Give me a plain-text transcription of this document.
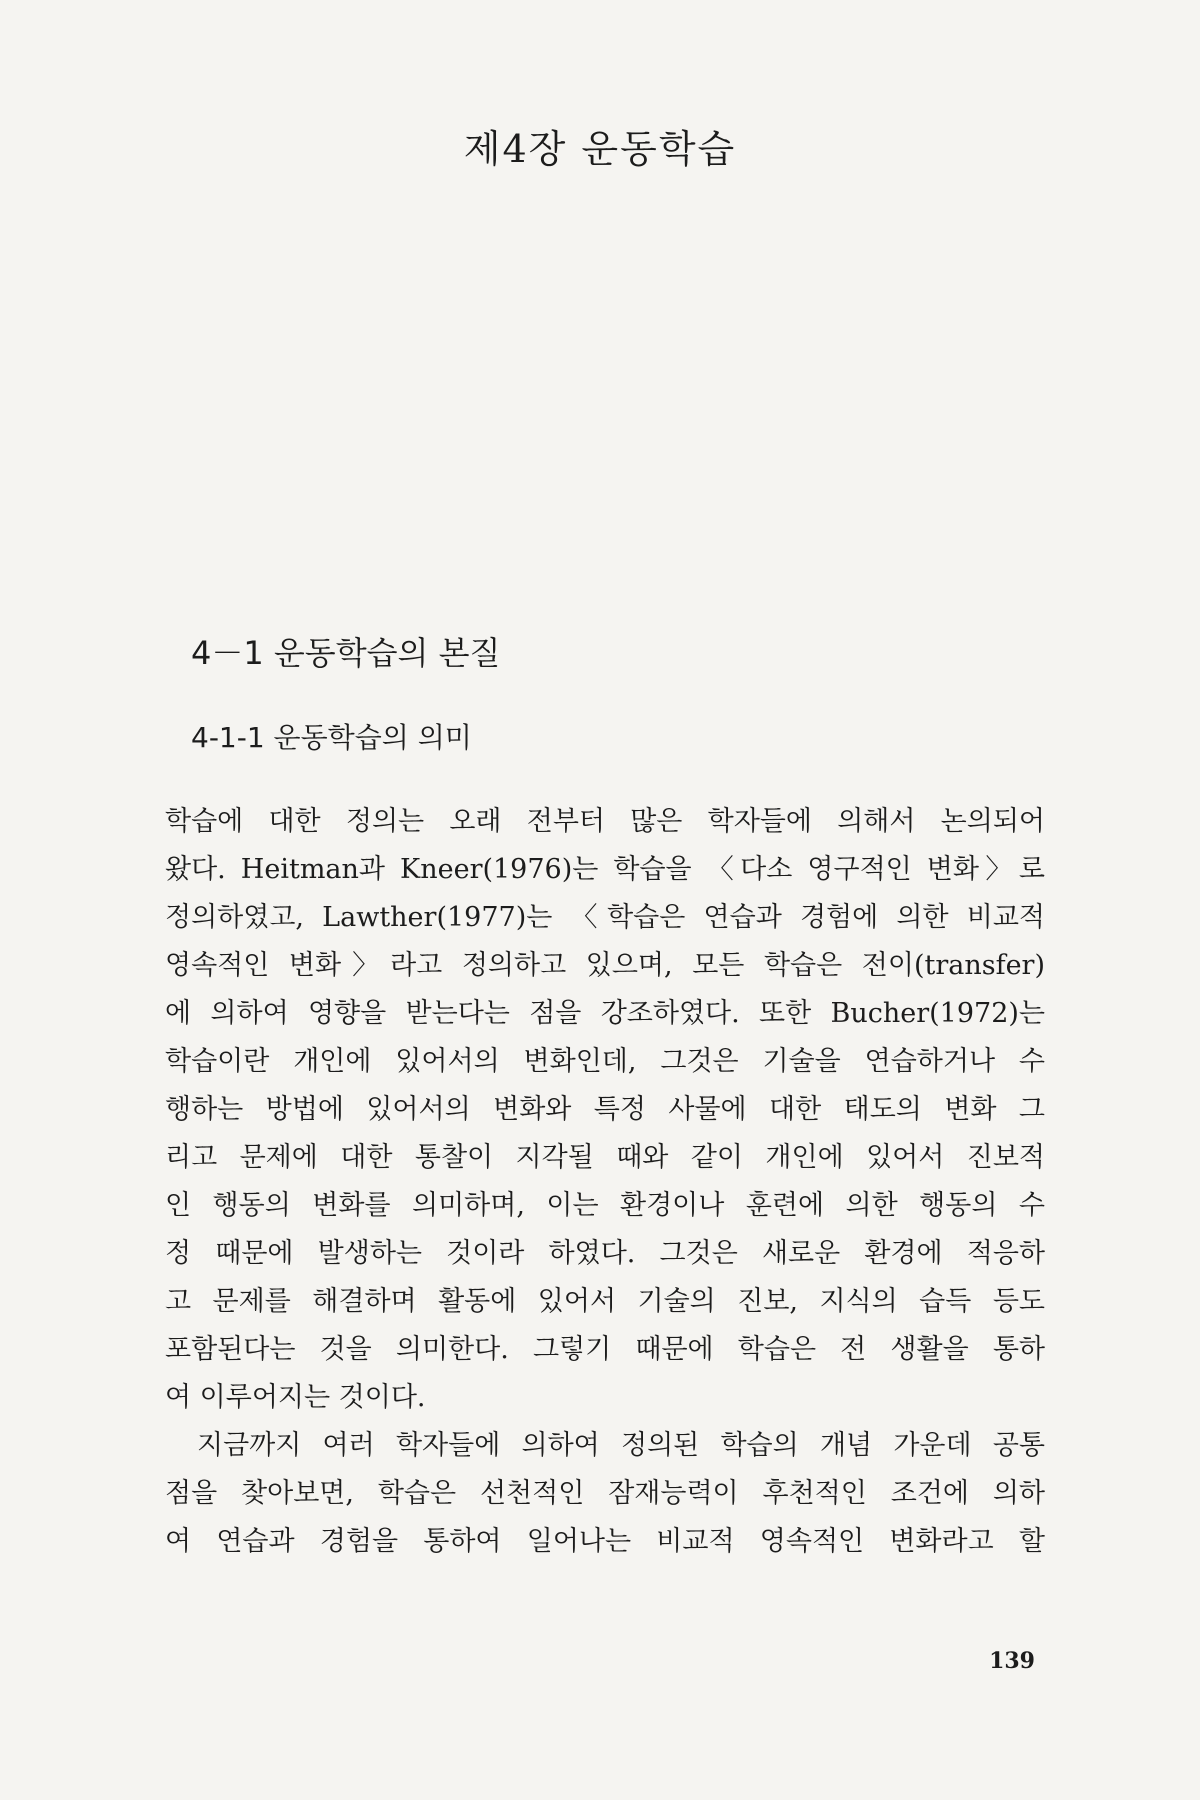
제4장 운동학습
4－1 운동학습의 본질
4-1-1 운동학습의 의미
학습에 대한 정의는 오래 전부터 많은 학자들에 의해서 논의되어
왔다. Heitman과 Kneer(1976)는 학습을 〈다소 영구적인 변화〉로
정의하였고, Lawther(1977)는 〈학습은 연습과 경험에 의한 비교적
영속적인 변화〉라고 정의하고 있으며, 모든 학습은 전이(transfer)
에 의하여 영향을 받는다는 점을 강조하였다. 또한 Bucher(1972)는
학습이란 개인에 있어서의 변화인데, 그것은 기술을 연습하거나 수
행하는 방법에 있어서의 변화와 특정 사물에 대한 태도의 변화 그
리고 문제에 대한 통찰이 지각될 때와 같이 개인에 있어서 진보적
인 행동의 변화를 의미하며, 이는 환경이나 훈련에 의한 행동의 수
정 때문에 발생하는 것이라 하였다. 그것은 새로운 환경에 적응하
고 문제를 해결하며 활동에 있어서 기술의 진보, 지식의 습득 등도
포함된다는 것을 의미한다. 그렇기 때문에 학습은 전 생활을 통하
여 이루어지는 것이다.
지금까지 여러 학자들에 의하여 정의된 학습의 개념 가운데 공통
점을 찾아보면, 학습은 선천적인 잠재능력이 후천적인 조건에 의하
여 연습과 경험을 통하여 일어나는 비교적 영속적인 변화라고 할
139
